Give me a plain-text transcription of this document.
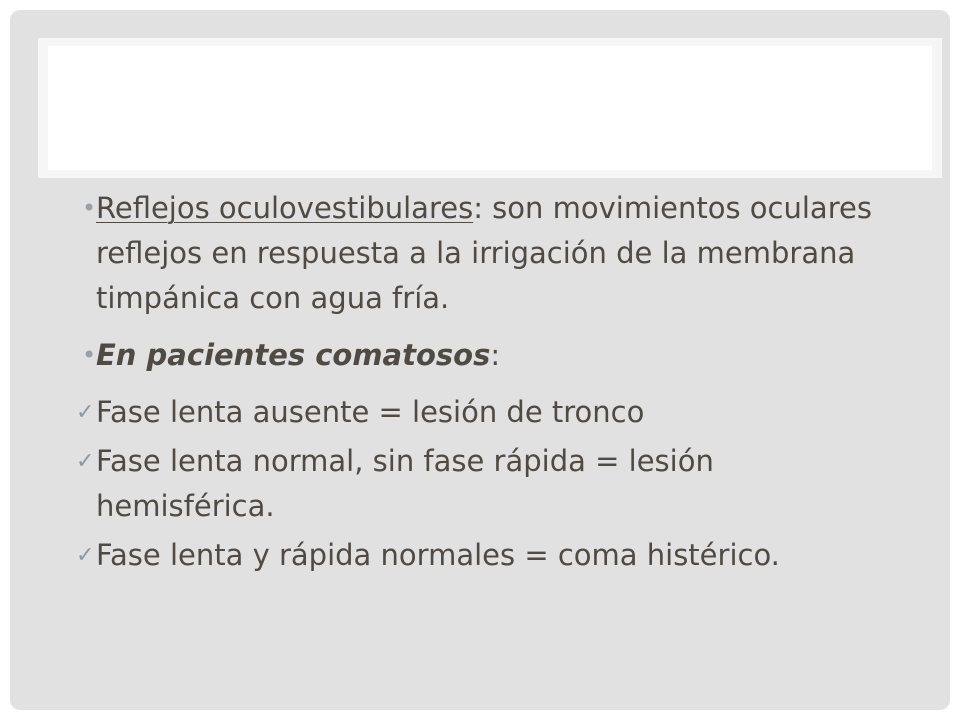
• Reflejos oculovestibulares: son movimientos oculares reflejos en respuesta a la irrigación de la membrana timpánica con agua fría.
• En pacientes comatosos:
✓ Fase lenta ausente = lesión de tronco
✓ Fase lenta normal, sin fase rápida = lesión hemisférica.
✓ Fase lenta y rápida normales = coma histérico.
